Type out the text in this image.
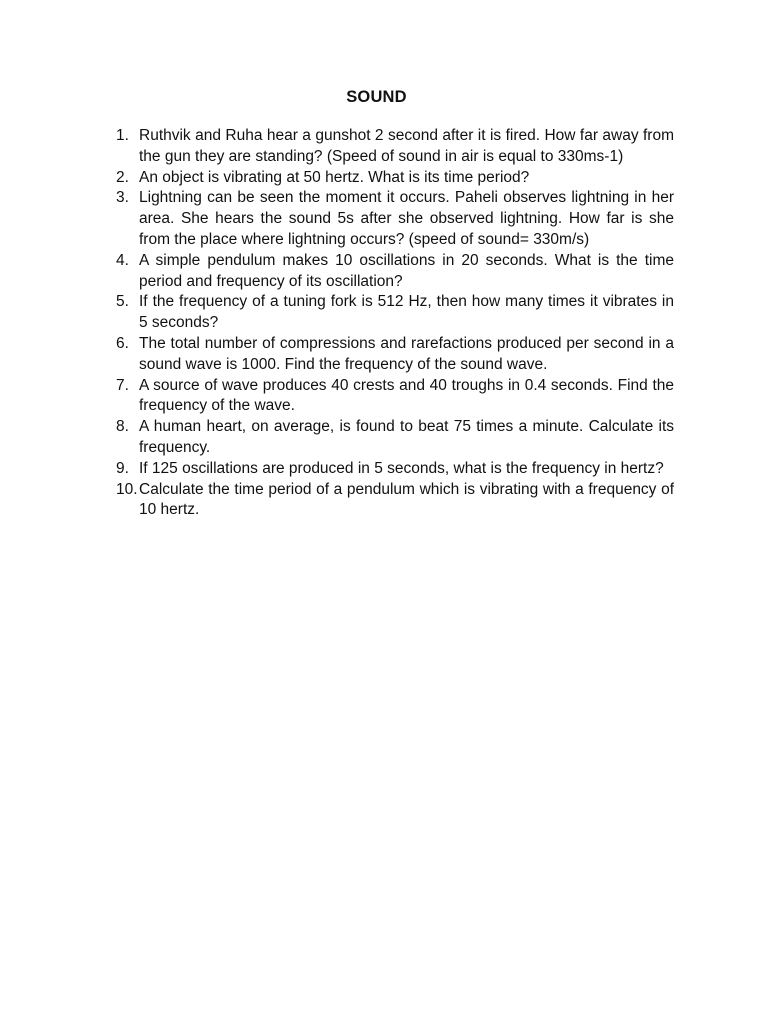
SOUND
1. Ruthvik and Ruha hear a gunshot 2 second after it is fired. How far away from the gun they are standing? (Speed of sound in air is equal to 330ms-1)
2. An object is vibrating at 50 hertz. What is its time period?
3. Lightning can be seen the moment it occurs. Paheli observes lightning in her area. She hears the sound 5s after she observed lightning. How far is she from the place where lightning occurs? (speed of sound= 330m/s)
4. A simple pendulum makes 10 oscillations in 20 seconds. What is the time period and frequency of its oscillation?
5. If the frequency of a tuning fork is 512 Hz, then how many times it vibrates in 5 seconds?
6. The total number of compressions and rarefactions produced per second in a sound wave is 1000. Find the frequency of the sound wave.
7. A source of wave produces 40 crests and 40 troughs in 0.4 seconds. Find the frequency of the wave.
8. A human heart, on average, is found to beat 75 times a minute. Calculate its frequency.
9. If 125 oscillations are produced in 5 seconds, what is the frequency in hertz?
10. Calculate the time period of a pendulum which is vibrating with a frequency of 10 hertz.
